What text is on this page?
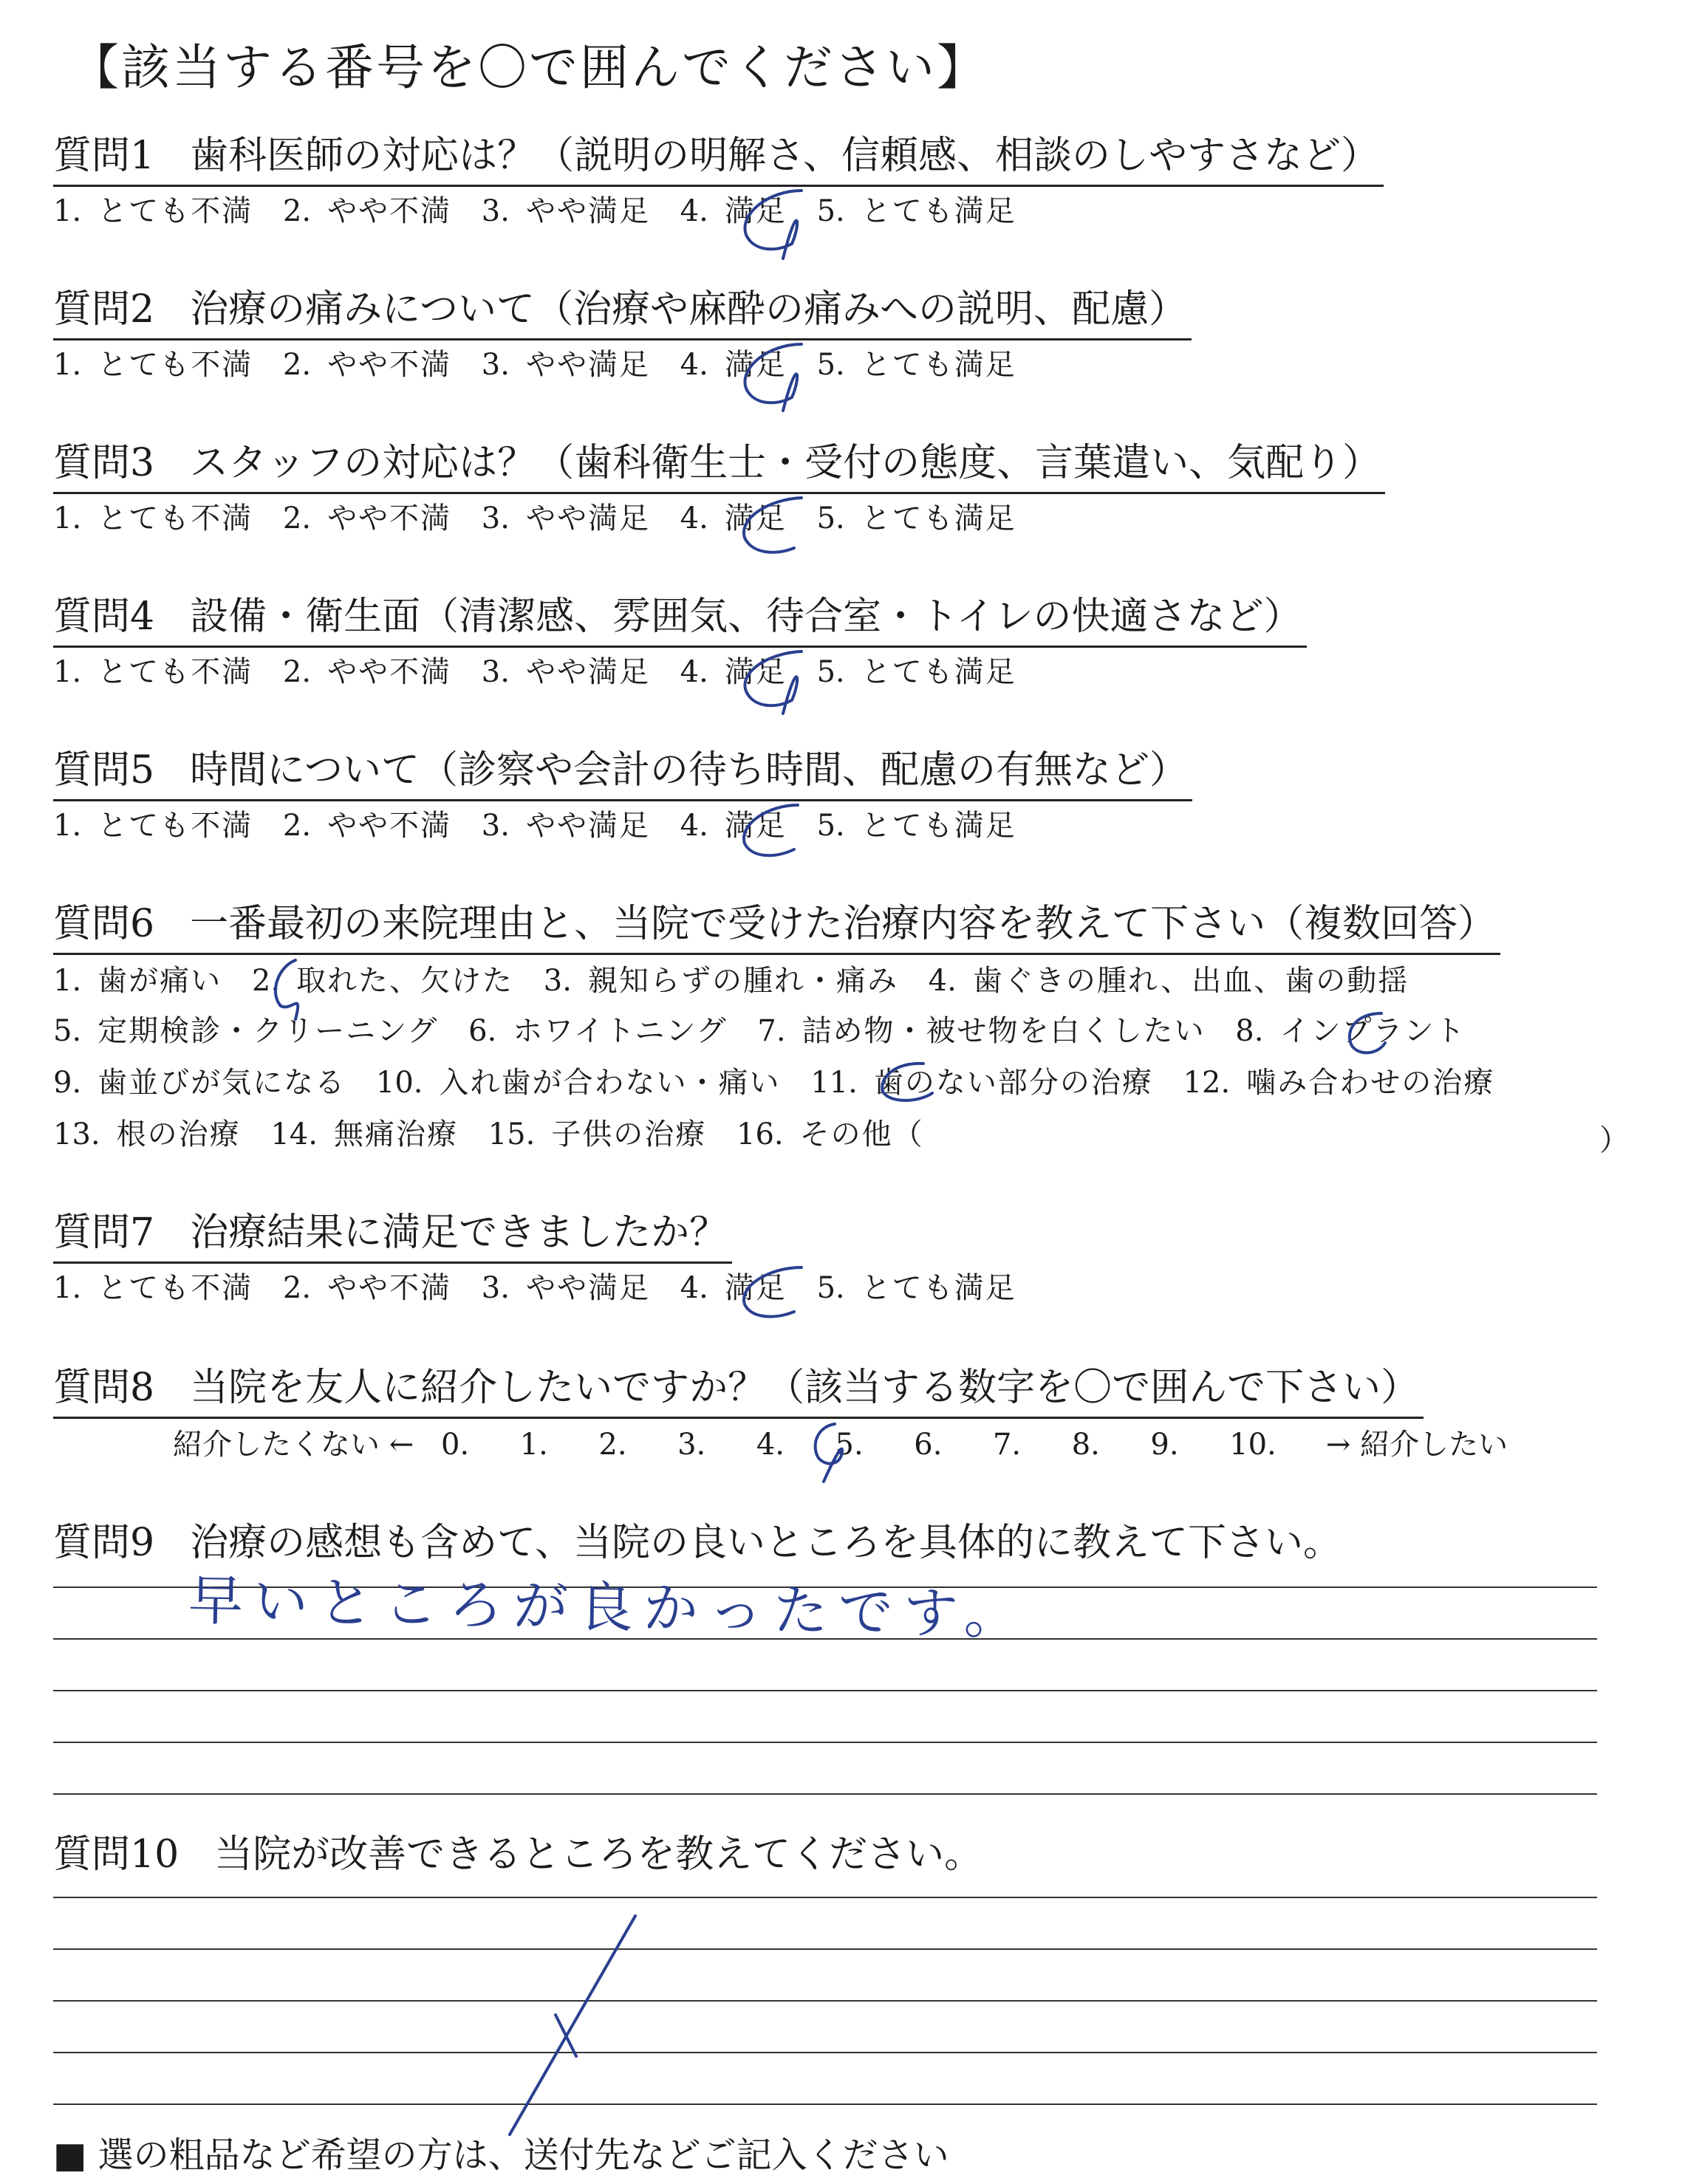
【該当する番号を〇で囲んでください】
質問1 歯科医師の対応は？（説明の明解さ、信頼感、相談のしやすさなど）
1. とても不満 2. やや不満 3. やや満足 4. 満足 5. とても満足
質問2 治療の痛みについて（治療や麻酔の痛みへの説明、配慮）
1. とても不満 2. やや不満 3. やや満足 4. 満足 5. とても満足
質問3 スタッフの対応は？（歯科衛生士・受付の態度、言葉遣い、気配り）
1. とても不満 2. やや不満 3. やや満足 4. 満足 5. とても満足
質問4 設備・衛生面（清潔感、雰囲気、待合室・トイレの快適さなど）
1. とても不満 2. やや不満 3. やや満足 4. 満足 5. とても満足
質問5 時間について（診察や会計の待ち時間、配慮の有無など）
1. とても不満 2. やや不満 3. やや満足 4. 満足 5. とても満足
質問6 一番最初の来院理由と、当院で受けた治療内容を教えて下さい（複数回答）
1. 歯が痛い 2. 取れた、欠けた 3. 親知らずの腫れ・痛み 4. 歯ぐきの腫れ、出血、歯の動揺
5. 定期検診・クリーニング 6. ホワイトニング 7. 詰め物・被せ物を白くしたい 8. インプラント
9. 歯並びが気になる 10. 入れ歯が合わない・痛い 11. 歯のない部分の治療 12. 噛み合わせの治療
13. 根の治療 14. 無痛治療 15. 子供の治療 16. その他（	）
質問7 治療結果に満足できましたか？
1. とても不満 2. やや不満 3. やや満足 4. 満足 5. とても満足
質問8 当院を友人に紹介したいですか？（該当する数字を〇で囲んで下さい）
紹介したくない ← 0. 1. 2. 3. 4. 5. 6. 7. 8. 9. 10. → 紹介したい
質問9 治療の感想も含めて、当院の良いところを具体的に教えて下さい。
早いところが良かったです。
質問10 当院が改善できるところを教えてください。
■ 選の粗品など希望の方は、送付先などご記入ください
